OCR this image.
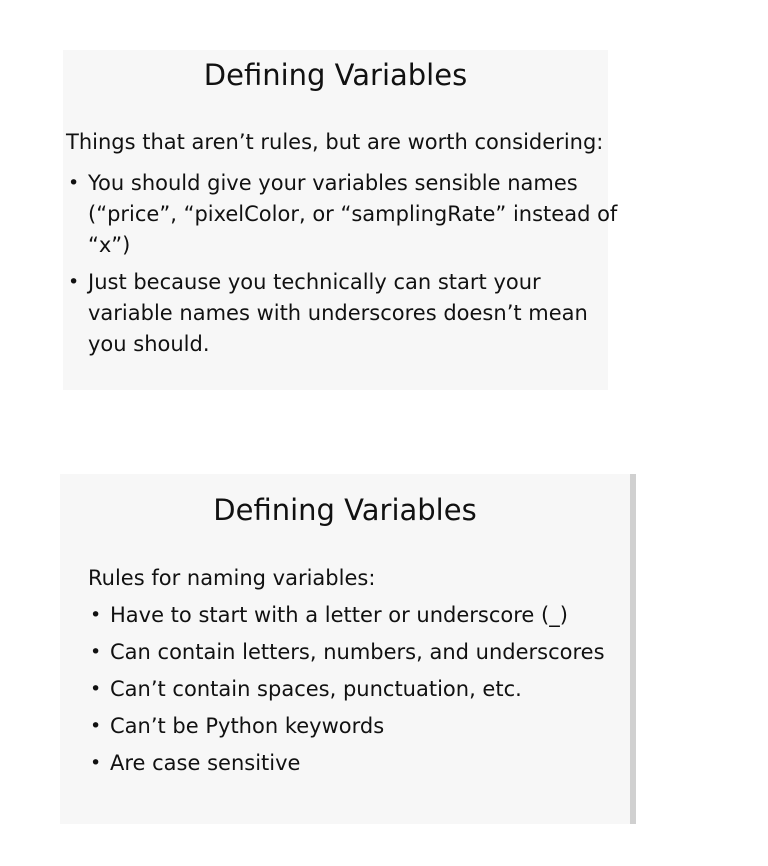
Defining Variables
Things that aren’t rules, but are worth considering:
• You should give your variables sensible names
(“price”, “pixelColor, or “samplingRate” instead of
“x”)
• Just because you technically can start your
variable names with underscores doesn’t mean
you should.
Defining Variables
Rules for naming variables:
• Have to start with a letter or underscore (_)
• Can contain letters, numbers, and underscores
• Can’t contain spaces, punctuation, etc.
• Can’t be Python keywords
• Are case sensitive
